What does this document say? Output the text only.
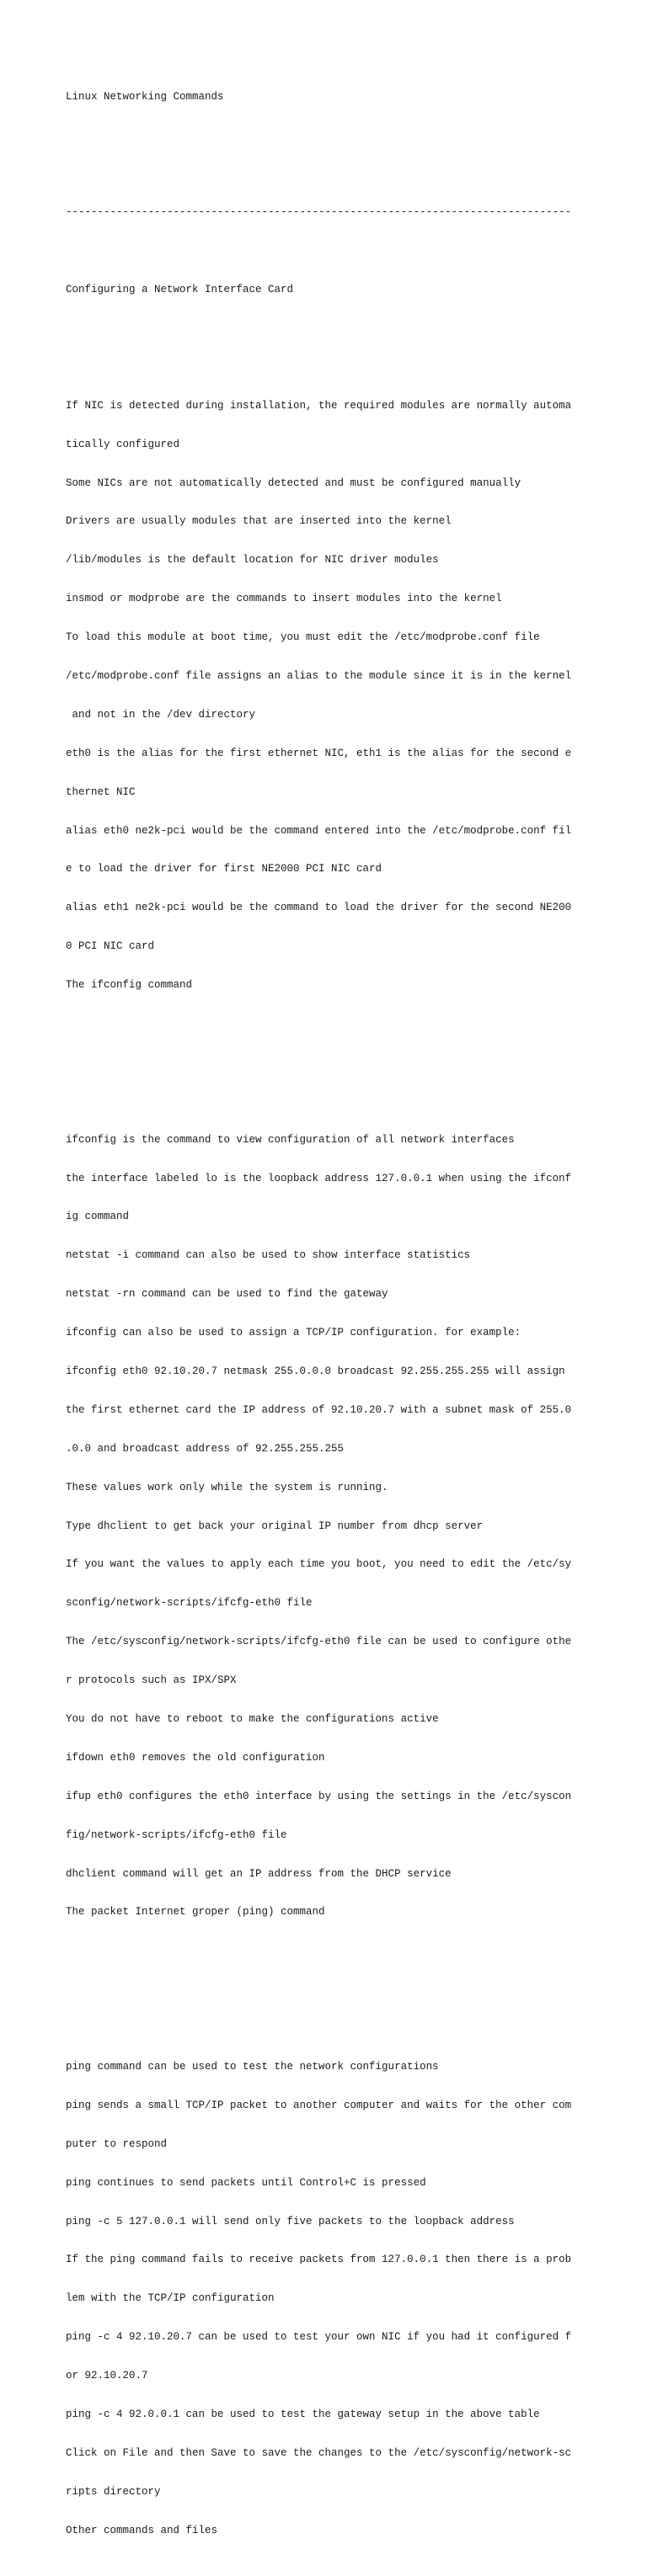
Linux Networking Commands

--------------------------------------------------------------------------------

Configuring a Network Interface Card

If NIC is detected during installation, the required modules are normally automa

tically configured

Some NICs are not automatically detected and must be configured manually

Drivers are usually modules that are inserted into the kernel

/lib/modules is the default location for NIC driver modules

insmod or modprobe are the commands to insert modules into the kernel

To load this module at boot time, you must edit the /etc/modprobe.conf file

/etc/modprobe.conf file assigns an alias to the module since it is in the kernel

and not in the /dev directory

eth0 is the alias for the first ethernet NIC, eth1 is the alias for the second e

thernet NIC

alias eth0 ne2k-pci would be the command entered into the /etc/modprobe.conf fil

e to load the driver for first NE2000 PCI NIC card

alias eth1 ne2k-pci would be the command to load the driver for the second NE200

0 PCI NIC card

The ifconfig command

ifconfig is the command to view configuration of all network interfaces

the interface labeled lo is the loopback address 127.0.0.1 when using the ifconf

ig command

netstat -i command can also be used to show interface statistics

netstat -rn command can be used to find the gateway

ifconfig can also be used to assign a TCP/IP configuration. for example:

ifconfig eth0 92.10.20.7 netmask 255.0.0.0 broadcast 92.255.255.255 will assign

the first ethernet card the IP address of 92.10.20.7 with a subnet mask of 255.0

.0.0 and broadcast address of 92.255.255.255

These values work only while the system is running.

Type dhclient to get back your original IP number from dhcp server

If you want the values to apply each time you boot, you need to edit the /etc/sy

sconfig/network-scripts/ifcfg-eth0 file

The /etc/sysconfig/network-scripts/ifcfg-eth0 file can be used to configure othe

r protocols such as IPX/SPX

You do not have to reboot to make the configurations active

ifdown eth0 removes the old configuration

ifup eth0 configures the eth0 interface by using the settings in the /etc/syscon

fig/network-scripts/ifcfg-eth0 file

dhclient command will get an IP address from the DHCP service

The packet Internet groper (ping) command

ping command can be used to test the network configurations

ping sends a small TCP/IP packet to another computer and waits for the other com

puter to respond

ping continues to send packets until Control+C is pressed

ping -c 5 127.0.0.1 will send only five packets to the loopback address

If the ping command fails to receive packets from 127.0.0.1 then there is a prob

lem with the TCP/IP configuration

ping -c 4 92.10.20.7 can be used to test your own NIC if you had it configured f

or 92.10.20.7

ping -c 4 92.0.0.1 can be used to test the gateway setup in the above table

Click on File and then Save to save the changes to the /etc/sysconfig/network-sc

ripts directory

Other commands and files
